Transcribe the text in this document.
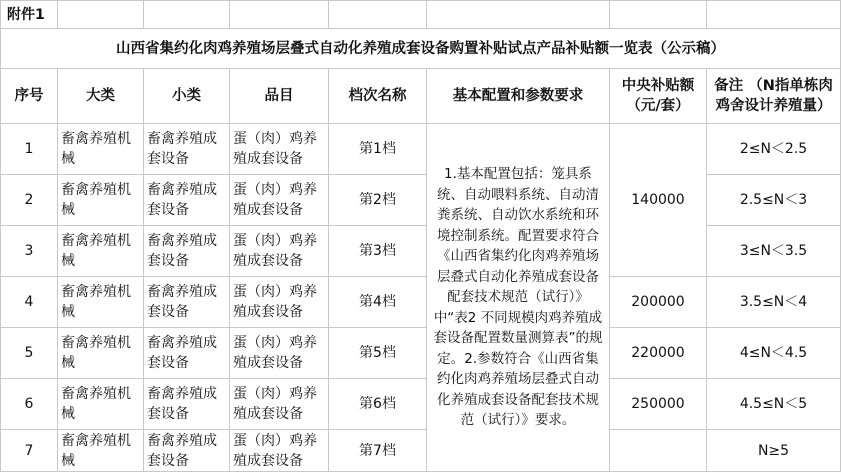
附件1							
山西省集约化肉鸡养殖场层叠式自动化养殖成套设备购置补贴试点产品补贴额一览表（公示稿）							
序号	大类	小类	品目	档次名称	基本配置和参数要求	中央补贴额（元/套）	备注 （N指单栋肉鸡舍设计养殖量）
1	畜禽养殖机械	畜禽养殖成套设备	蛋（肉）鸡养殖成套设备	第1档	1.基本配置包括：笼具系统、自动喂料系统、自动清粪系统、自动饮水系统和环境控制系统。配置要求符合《山西省集约化肉鸡养殖场层叠式自动化养殖成套设备配套技术规范（试行）》中“表2 不同规模肉鸡养殖成套设备配置数量测算表”的规定。2.参数符合《山西省集约化肉鸡养殖场层叠式自动化养殖成套设备配套技术规范（试行）》要求。	140000	2≤N＜2.5
2	畜禽养殖机械	畜禽养殖成套设备	蛋（肉）鸡养殖成套设备	第2档			2.5≤N＜3
3	畜禽养殖机械	畜禽养殖成套设备	蛋（肉）鸡养殖成套设备	第3档			3≤N＜3.5
4	畜禽养殖机械	畜禽养殖成套设备	蛋（肉）鸡养殖成套设备	第4档		200000	3.5≤N＜4
5	畜禽养殖机械	畜禽养殖成套设备	蛋（肉）鸡养殖成套设备	第5档		220000	4≤N＜4.5
6	畜禽养殖机械	畜禽养殖成套设备	蛋（肉）鸡养殖成套设备	第6档		250000	4.5≤N＜5
7	畜禽养殖机械	畜禽养殖成套设备	蛋（肉）鸡养殖成套设备	第7档			N≥5
